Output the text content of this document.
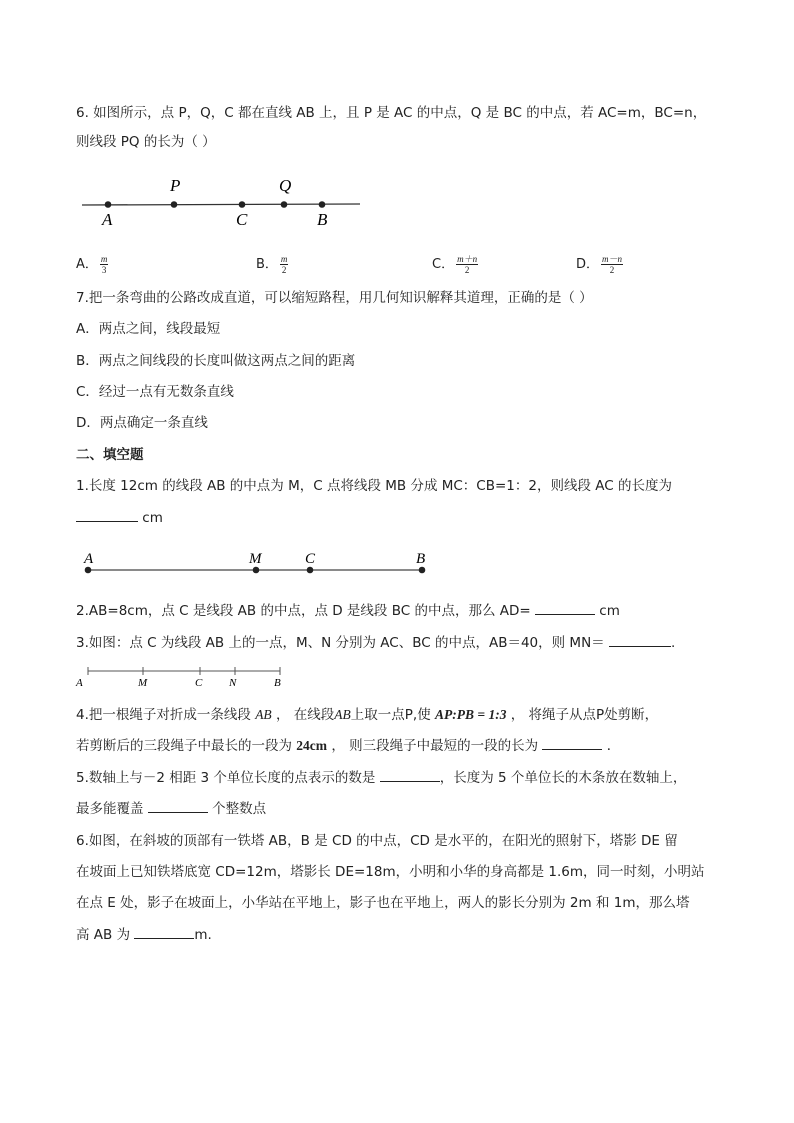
6. 如图所示，点 P，Q，C 都在直线 AB 上，且 P 是 AC 的中点，Q 是 BC 的中点，若 AC=m，BC=n，
则线段 PQ 的长为（ ）
A
P
C
Q
B
A． $\frac{m}{3}$	B． $\frac{m}{2}$	C． $\frac{m+n}{2}$	D． $\frac{m-n}{2}$
7.把一条弯曲的公路改成直道，可以缩短路程，用几何知识解释其道理，正确的是（ ）
A．两点之间，线段最短
B．两点之间线段的长度叫做这两点之间的距离
C．经过一点有无数条直线
D．两点确定一条直线
二、填空题
1.长度 12cm 的线段 AB 的中点为 M，C 点将线段 MB 分成 MC：CB=1：2，则线段 AC 的长度为
cm
A	M	C	B
2.AB=8cm，点 C 是线段 AB 的中点，点 D 是线段 BC 的中点，那么 AD=	cm
3.如图：点 C 为线段 AB 上的一点，M、N 分别为 AC、BC 的中点，AB＝40，则 MN＝	.
A	M	C N	B
4.把一根绳子对折成一条线段 AB ， 在线段AB上取一点P,使 AP:PB = 1:3 ， 将绳子从点P处剪断，
若剪断后的三段绳子中最长的一段为 24cm ， 则三段绳子中最短的一段的长为	．
5.数轴上与－2 相距 3 个单位长度的点表示的数是	，长度为 5 个单位长的木条放在数轴上，
最多能覆盖	个整数点
6.如图，在斜坡的顶部有一铁塔 AB，B 是 CD 的中点，CD 是水平的，在阳光的照射下，塔影 DE 留
在坡面上已知铁塔底宽 CD=12m，塔影长 DE=18m，小明和小华的身高都是 1.6m，同一时刻，小明站
在点 E 处，影子在坡面上，小华站在平地上，影子也在平地上，两人的影长分别为 2m 和 1m，那么塔
高 AB 为	m.
